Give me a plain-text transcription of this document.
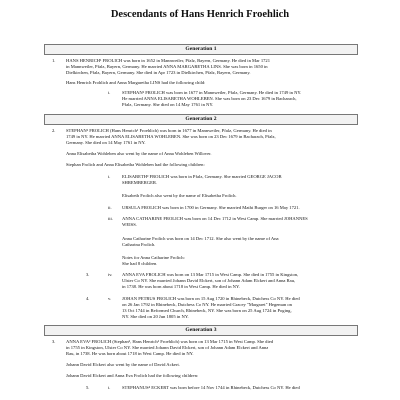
Descendants of Hans Henrich Froehlich
Generation 1
1. HANS HENRICH¹ FROLICH was born in 1652 in Mannweiler, Pfalz, Bayern, Germany. He died in Mar 1721
in Mannweiler, Pfalz, Bayern, Germany. He married ANNA MARGARETHA LINS. She was born in 1650 in
Dielkirchen, Pfalz, Bayern, Germany. She died in Apr 1723 in Dielkirchen, Pfalz, Bayern, Germany.
Hans Henrich Frohlich and Anna Margaretha LINS had the following child:
i.	STEPHAN² FROLICH was born in 1677 in Mannweiler, Pfalz, Germany. He died in 1749 in NY.
He married ANNA ELISABETHA WOHLEBEN. She was born on 23 Dec 1679 in Bacharach,
Pfalz, Germany. She died on 14 May 1761 in NY.
Generation 2
2. STEPHAN² FROLICH (Hans Henrich¹ Froehlich) was born in 1677 in Mannweiler, Pfalz, Germany. He died in
1749 in NY. He married ANNA ELISABETHA WOHLEBEN. She was born on 23 Dec 1679 in Bacharach, Pfalz,
Germany. She died on 14 May 1761 in NY.
Anna Elisabetha Wohleben also went by the name of Anna Wohleben Willover.
Stephan Frolich and Anna Elisabetha Wohleben had the following children:
i.	ELISABETH³ FROLICH was born in Pfalz, Germany. She married GEORGE JACOB
SHREMBERGER.
Elisabeth Frolich also went by the name of Elisabetha Frolich.
ii. URSULA FROLICH was born in 1700 in Germany. She married Mathi Burger on 16 May 1721.
iii. ANNA CATHARINE FROLICH was born on 14 Dec 1712 in West Camp. She married JOHANNES
WEISS.
Anna Catharine Frolich was born on 14 Dec 1712. She also went by the name of Ana
Catharina Frolich.
Notes for Anna Catharine Frolich:
She had 8 children.
3.	iv. ANNA EVA FROLICH was born on 13 Mar 1715 in West Camp. She died in 1755 in Kingston,
Ulster Co NY. She married Johann David Elckert, son of Johann Adam Elckert and Anna Rau,
in 1738. He was born about 1718 in West Camp. He died in NY.
4.	v. JOHAN PETRUS FROLICH was born on 15 Aug 1720 in Rhinebeck, Dutchess Co NY. He died
on 26 Jan 1792 in Rhinebeck, Dutchess Co NY. He married Gracey "Margaret" Hegeman on
13 Oct 1744 in Reformed Church, Rhinebeck, NY. She was born on 25 Aug 1724 in Poging,
NY. She died on 20 Jun 1805 in NY.
Generation 3
3. ANNA EVA³ FROLICH (Stephan², Hans Henrich¹ Froehlich) was born on 13 Mar 1715 in West Camp. She died
in 1755 in Kingston, Ulster Co NY. She married Johann David Elckert, son of Johann Adam Elckert and Anna
Rau, in 1738. He was born about 1718 in West Camp. He died in NY.
Johann David Elckert also went by the name of David Ackert.
Johann David Elckert and Anna Eva Frolich had the following children:
5.	i.	STEPHANUS⁴ ECKERT was born before 14 Nov 1744 in Rhinebeck, Dutchess Co NY. He died
